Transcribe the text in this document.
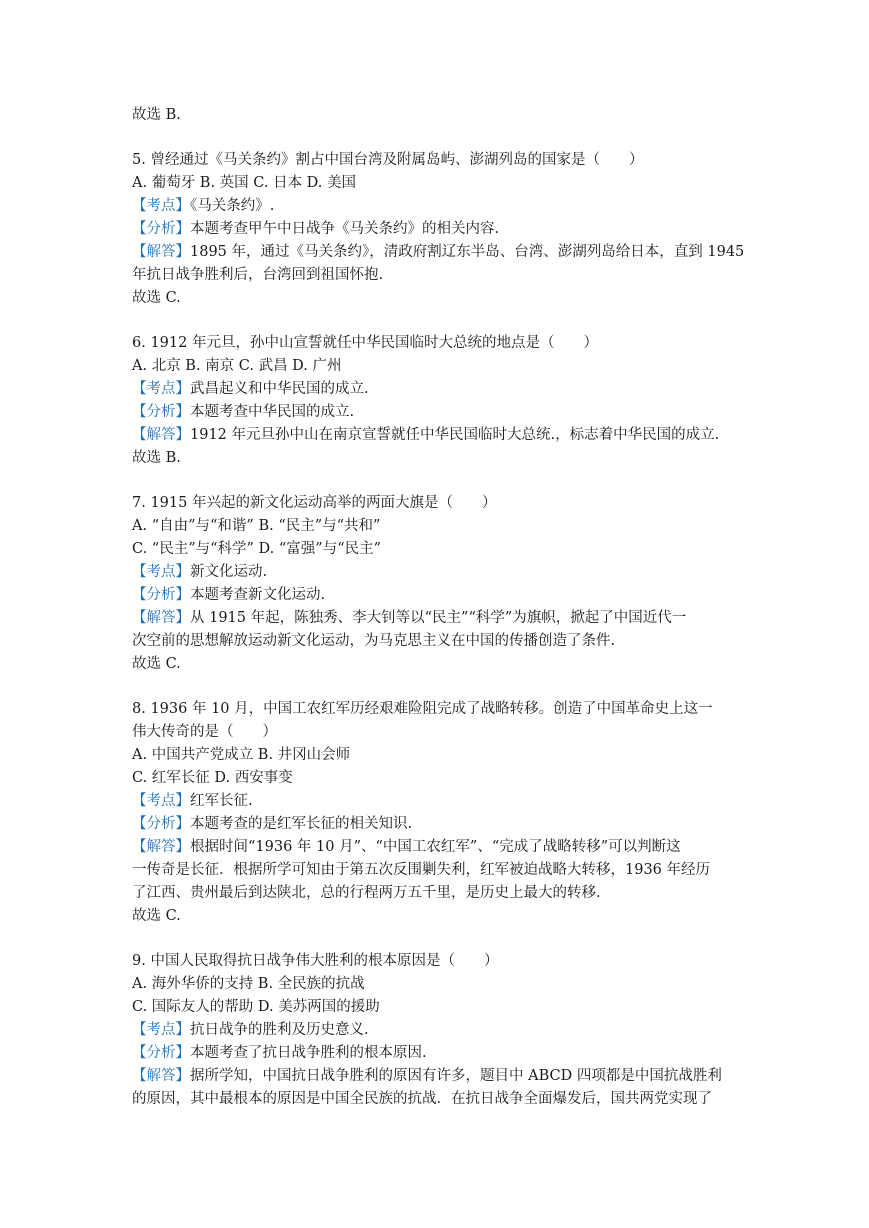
故选 B.
5. 曾经通过《马关条约》割占中国台湾及附属岛屿、澎湖列岛的国家是（　　）
A. 葡萄牙 B. 英国 C. 日本 D. 美国
【考点】《马关条约》.
【分析】本题考查甲午中日战争《马关条约》的相关内容.
【解答】1895 年，通过《马关条约》，清政府割辽东半岛、台湾、澎湖列岛给日本，直到 1945
年抗日战争胜利后，台湾回到祖国怀抱.
故选 C.
6. 1912 年元旦，孙中山宣誓就任中华民国临时大总统的地点是（　　）
A. 北京 B. 南京 C. 武昌 D. 广州
【考点】武昌起义和中华民国的成立.
【分析】本题考查中华民国的成立.
【解答】1912 年元旦孙中山在南京宣誓就任中华民国临时大总统.，标志着中华民国的成立.
故选 B.
7. 1915 年兴起的新文化运动高举的两面大旗是（　　）
A. “自由”与“和谐” B. “民主”与“共和”
C. “民主”与“科学” D. “富强”与“民主”
【考点】新文化运动.
【分析】本题考查新文化运动.
【解答】从 1915 年起，陈独秀、李大钊等以“民主”“科学”为旗帜，掀起了中国近代一
次空前的思想解放运动新文化运动，为马克思主义在中国的传播创造了条件.
故选 C.
8. 1936 年 10 月，中国工农红军历经艰难险阻完成了战略转移。创造了中国革命史上这一
伟大传奇的是（　　）
A. 中国共产党成立 B. 井冈山会师
C. 红军长征 D. 西安事变
【考点】红军长征.
【分析】本题考查的是红军长征的相关知识.
【解答】根据时间“1936 年 10 月”、“中国工农红军”、“完成了战略转移”可以判断这
一传奇是长征．根据所学可知由于第五次反围剿失利，红军被迫战略大转移，1936 年经历
了江西、贵州最后到达陕北，总的行程两万五千里，是历史上最大的转移.
故选 C.
9. 中国人民取得抗日战争伟大胜利的根本原因是（　　）
A. 海外华侨的支持 B. 全民族的抗战
C. 国际友人的帮助 D. 美苏两国的援助
【考点】抗日战争的胜利及历史意义.
【分析】本题考查了抗日战争胜利的根本原因.
【解答】据所学知，中国抗日战争胜利的原因有许多，题目中 ABCD 四项都是中国抗战胜利
的原因，其中最根本的原因是中国全民族的抗战．在抗日战争全面爆发后，国共两党实现了
